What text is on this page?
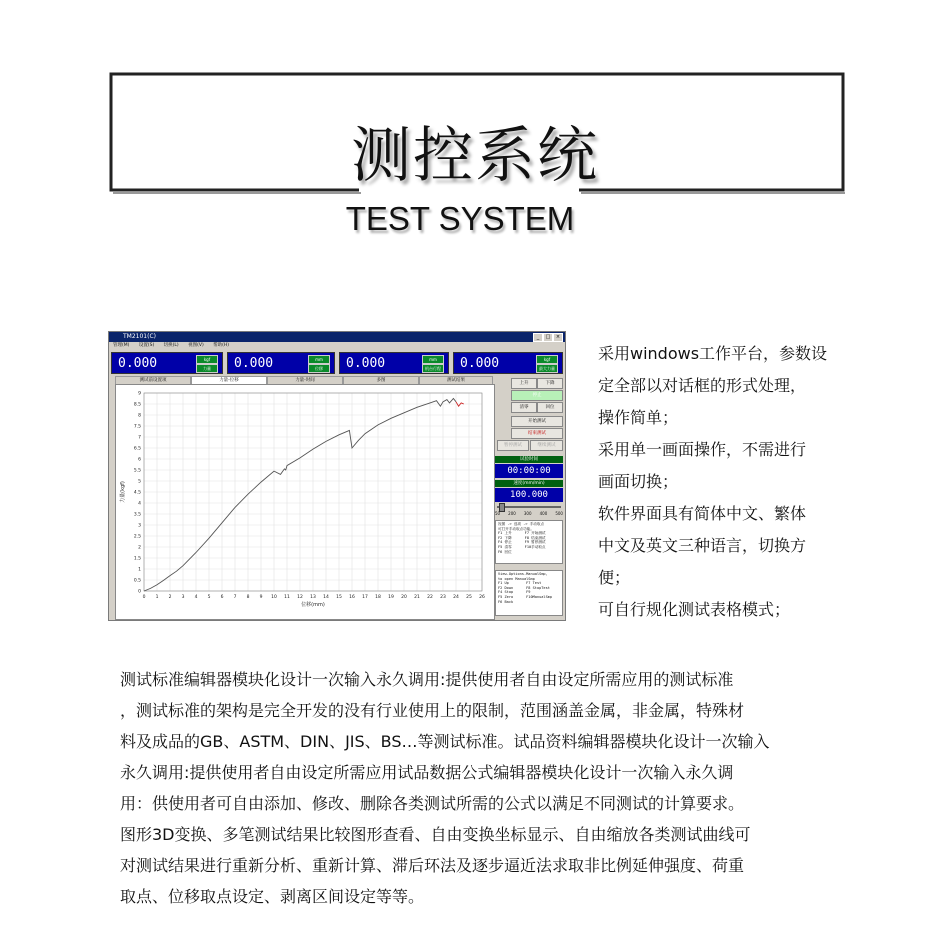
测控系统
TEST SYSTEM
TM2101(C)	_	□	×
管理(M) 设置(S) 切换(L) 视图(V) 帮助(H)
0.000	kgf
力量	0.000	mm
位移	0.000	mm
机台行程 0.000	kgf
最大力量
测试前设置项	力量-位移	力量-时间	多图	测试结果
0 1 2 3 4 5 6 7 8 9 10 11 12 13 14 15 16 17 18 19 20 21 22 23 24 25 26
0
0.5
1
1.5
2
2.5
3
3.5
4
4.5
5
5.5
6
6.5
7
7.5
8
8.5
9
位移(mm)
力量(kgf)
上升	下降
停止
清零	回位
开始测试
结束测试
暂停测试	继续测试
试验时间
00:00:00
速度(mm/min)
100.000
50 200 300 400 500
视图 -> 选项 -> 手动取点
可打开手动取点功能。
F1 上升      F7 开始测试
F2 下降      F8 结束测试
F4 停止      F9 暂停测试
F5 清零      F10手动取点
F6 回位
View-Options-ManualSmp,
to open ManualSmp
F1 Up        F7 Test
F2 Down      F8 StopTest
F4 Stop      F9
F5 Zero      F10ManualSmp
F6 Back

采用windows工作平台，参数设

定全部以对话框的形式处理，

操作简单；

采用单一画面操作，不需进行

画面切换；

软件界面具有简体中文、繁体

中文及英文三种语言，切换方

便；

可自行规化测试表格模式；

测试标准编辑器模块化设计一次输入永久调用:提供使用者自由设定所需应用的测试标准
，测试标准的架构是完全开发的没有行业使用上的限制，范围涵盖金属，非金属，特殊材
料及成品的GB、ASTM、DIN、JIS、BS…等测试标准。试品资料编辑器模块化设计一次输入
永久调用:提供使用者自由设定所需应用试品数据公式编辑器模块化设计一次输入永久调
用：供使用者可自由添加、修改、删除各类测试所需的公式以满足不同测试的计算要求。
图形3D变换、多笔测试结果比较图形查看、自由变换坐标显示、自由缩放各类测试曲线可
对测试结果进行重新分析、重新计算、滞后环法及逐步逼近法求取非比例延伸强度、荷重
取点、位移取点设定、剥离区间设定等等。
